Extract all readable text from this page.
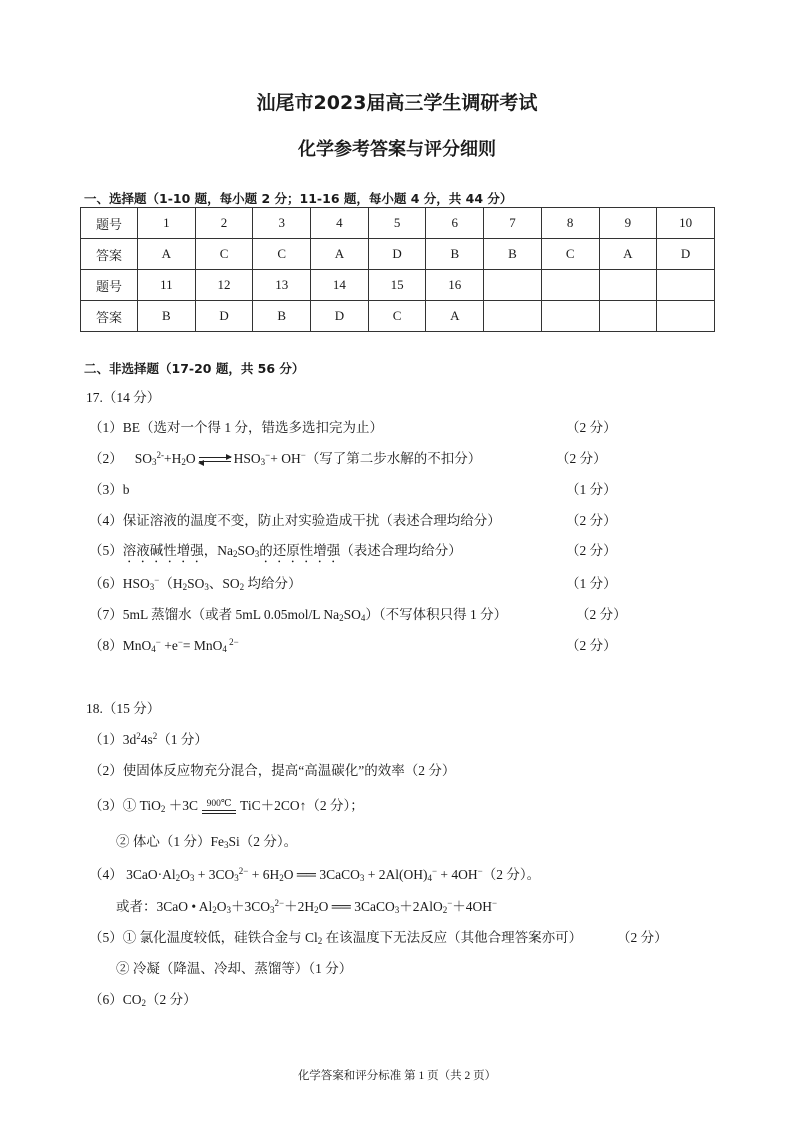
汕尾市2023届高三学生调研考试
化学参考答案与评分细则
一、选择题（1-10 题，每小题 2 分；11-16 题，每小题 4 分，共 44 分）
题号	1	2	3	4	5	6	7	8	9	10
答案	A	C	C	A	D	B	B	C	A	D
题号	11	12	13	14	15	16				
答案	B	D	B	D	C	A				
二、非选择题（17-20 题，共 56 分）
17.（14 分）
（1）BE（选对一个得 1 分，错选多选扣完为止）	（2 分）
（2） $SO_3^{2-}+H_2O$	$HSO_3^-+ OH^-$（写了第二步水解的不扣分）	（2 分）
（3）b	（1 分）
（4）保证溶液的温度不变，防止对实验造成干扰（表述合理均给分）	（2 分）
（5）溶液碱性增强，$Na_2SO_3$的还原性增强（表述合理均给分）	（2 分）
$(6)HSO_3^-(H_2SO_3$、$SO_2$ 均给分）	（1 分）
（7）5mL 蒸馏水（或者 5mL 0.05mol/L $Na_2SO_4$）（不写体积只得 1 分）	（2 分）
（8）MnO$_4$− +e−= MnO$_4$ $^{2-}$	（2 分）
18.（15 分）
$(1)3d^24s^2(1$ 分）
（2）使固体反应物充分混合，提高“高温碳化”的效率（2 分）
（3）① TiO$_2$ ＋3C 900℃ TiC＋2CO↑（2 分）；
② 体心（1 分）$Fe_3Si(2$ 分）。
（4） $3CaO\cdot Al_2O_3 + 3CO_3^{2-} + 6H_2O$ ══ 3CaCO$_3$ + $2Al(OH)_4^- + 4OH^-(2$ 分）。
或者：3CaO • $Al_2O_3+3CO_3^{2-}+2H_2O$ ══ 3CaCO$_3$＋2AlO$_2$−＋4OH−
（5）① 氯化温度较低，硅铁合金与 $Cl_2$ 在该温度下无法反应（其他合理答案亦可）	（2 分）
② 冷凝（降温、冷却、蒸馏等）（1 分）
$(6)CO_2(2$ 分）
化学答案和评分标准 第 1 页（共 2 页）
